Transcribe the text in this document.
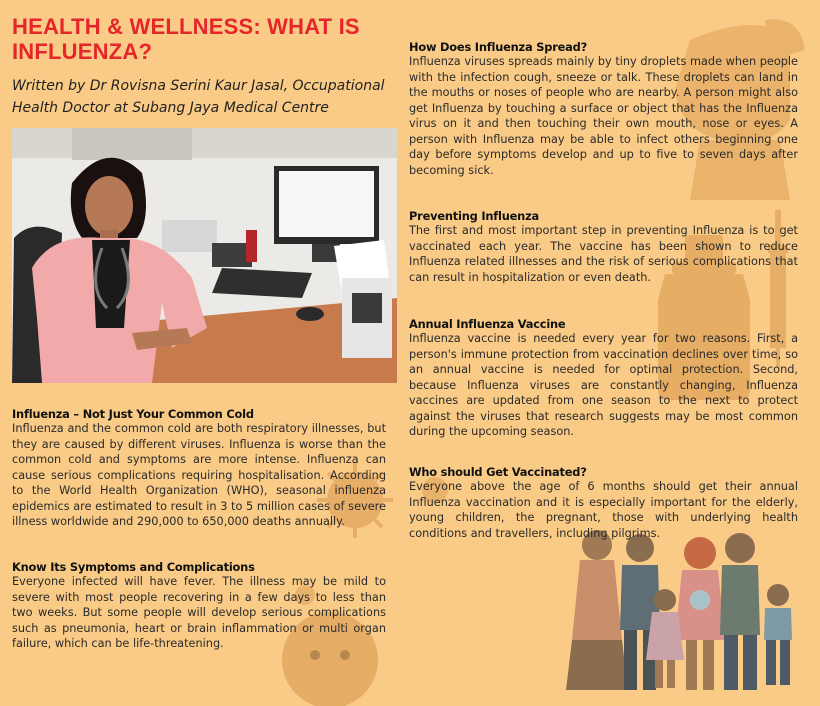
HEALTH & WELLNESS: WHAT IS INFLUENZA?
Written by Dr Rovisna Serini Kaur Jasal, Occupational Health Doctor at Subang Jaya Medical Centre
Influenza – Not Just Your Common Cold

Influenza and the common cold are both respiratory illnesses, but they are caused by different viruses. Influenza is worse than the common cold and symptoms are more intense. Influenza can cause serious complications requiring hospitalisation. According to the World Health Organization (WHO), seasonal influenza epidemics are estimated to result in 3 to 5 million cases of severe illness worldwide and 290,000 to 650,000 deaths annually.

Know Its Symptoms and Complications

Everyone infected will have fever. The illness may be mild to severe with most people recovering in a few days to less than two weeks. But some people will develop serious complications such as pneumonia, heart or brain inflammation or multi organ failure, which can be life-threatening.

How Does Influenza Spread?

Influenza viruses spreads mainly by tiny droplets made when people with the infection cough, sneeze or talk. These droplets can land in the mouths or noses of people who are nearby. A person might also get Influenza by touching a surface or object that has the Influenza virus on it and then touching their own mouth, nose or eyes. A person with Influenza may be able to infect others beginning one day before symptoms develop and up to five to seven days after becoming sick.

Preventing Influenza

The first and most important step in preventing Influenza is to get vaccinated each year. The vaccine has been shown to reduce Influenza related illnesses and the risk of serious complications that can result in hospitalization or even death.

Annual Influenza Vaccine

Influenza vaccine is needed every year for two reasons. First, a person's immune protection from vaccination declines over time, so an annual vaccine is needed for optimal protection. Second, because Influenza viruses are constantly changing, Influenza vaccines are updated from one season to the next to protect against the viruses that research suggests may be most common during the upcoming season.

Who should Get Vaccinated?

Everyone above the age of 6 months should get their annual Influenza vaccination and it is especially important for the elderly, young children, the pregnant, those with underlying health conditions and travellers, including pilgrims.
